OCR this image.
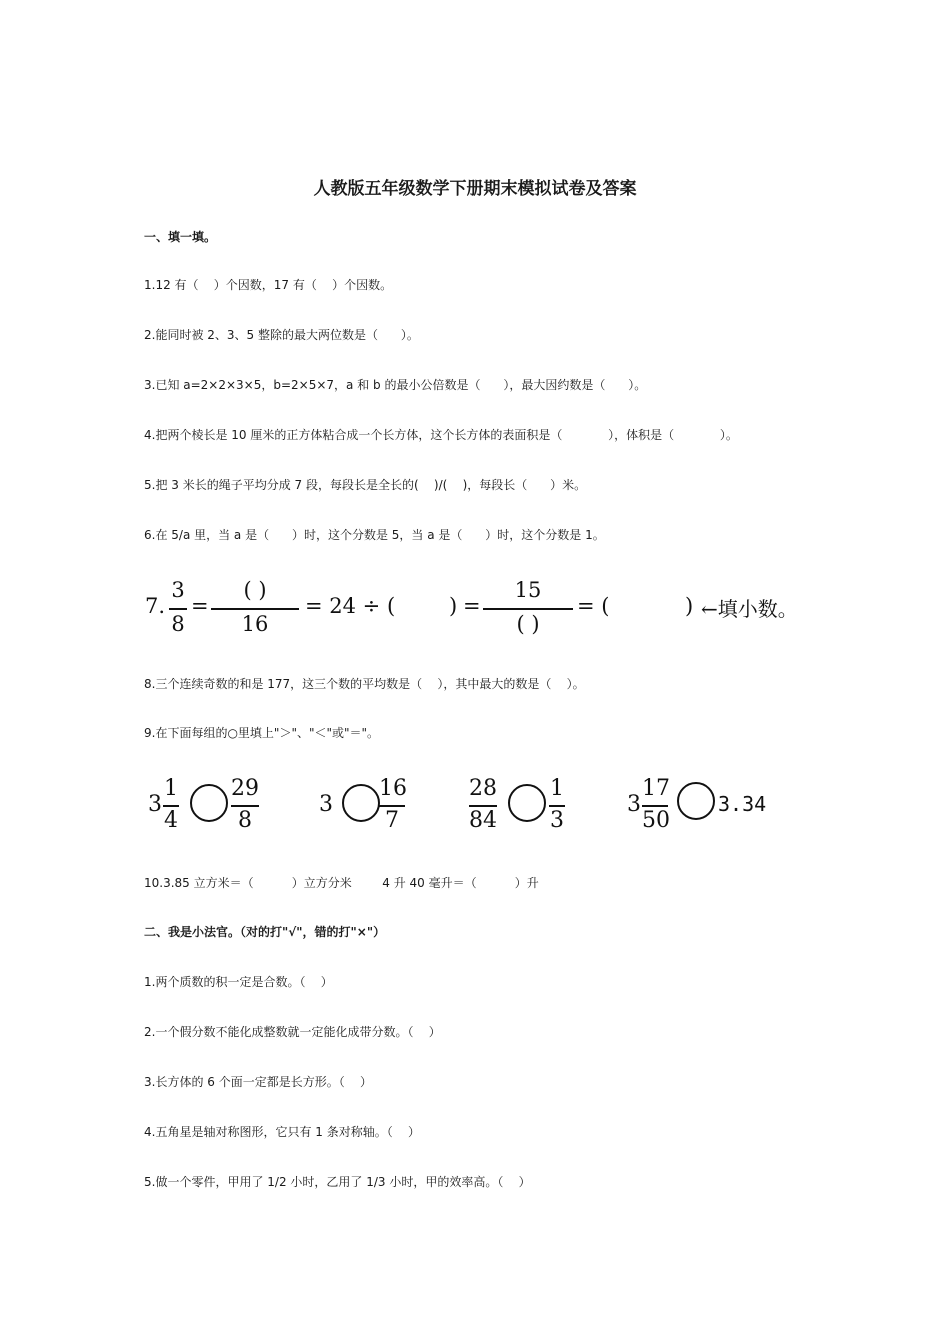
人教版五年级数学下册期末模拟试卷及答案
一、填一填。
1.12 有（    ）个因数，17 有（    ）个因数。
2.能同时被 2、3、5 整除的最大两位数是（      ）。
3.已知 a=2×2×3×5，b=2×5×7，a 和 b 的最小公倍数是（      ），最大因约数是（      ）。
4.把两个棱长是 10 厘米的正方体粘合成一个长方体，这个长方体的表面积是（            ），体积是（            ）。
5.把 3 米长的绳子平均分成 7 段，每段长是全长的(    )/(    )，每段长（      ）米。
6.在 5/a 里，当 a 是（      ）时，这个分数是 5，当 a 是（      ）时，这个分数是 1。
7.
3
8
=
( )
16
= 24 ÷ (	) =
15
( )
= (	) ←填小数。
8.三个连续奇数的和是 177，这三个数的平均数是（    ），其中最大的数是（    ）。
9.在下面每组的○里填上"＞"、"＜"或"＝"。
3
1
4
29
8
3
16
7
28
84
1
3
3
17
50
3.34
10.3.85 立方米＝（          ）立方分米        4 升 40 毫升＝（          ）升
二、我是小法官。（对的打"√"，错的打"×"）
1.两个质数的积一定是合数。（    ）
2.一个假分数不能化成整数就一定能化成带分数。（    ）
3.长方体的 6 个面一定都是长方形。（    ）
4.五角星是轴对称图形，它只有 1 条对称轴。（    ）
5.做一个零件，甲用了 1/2 小时，乙用了 1/3 小时，甲的效率高。（    ）
